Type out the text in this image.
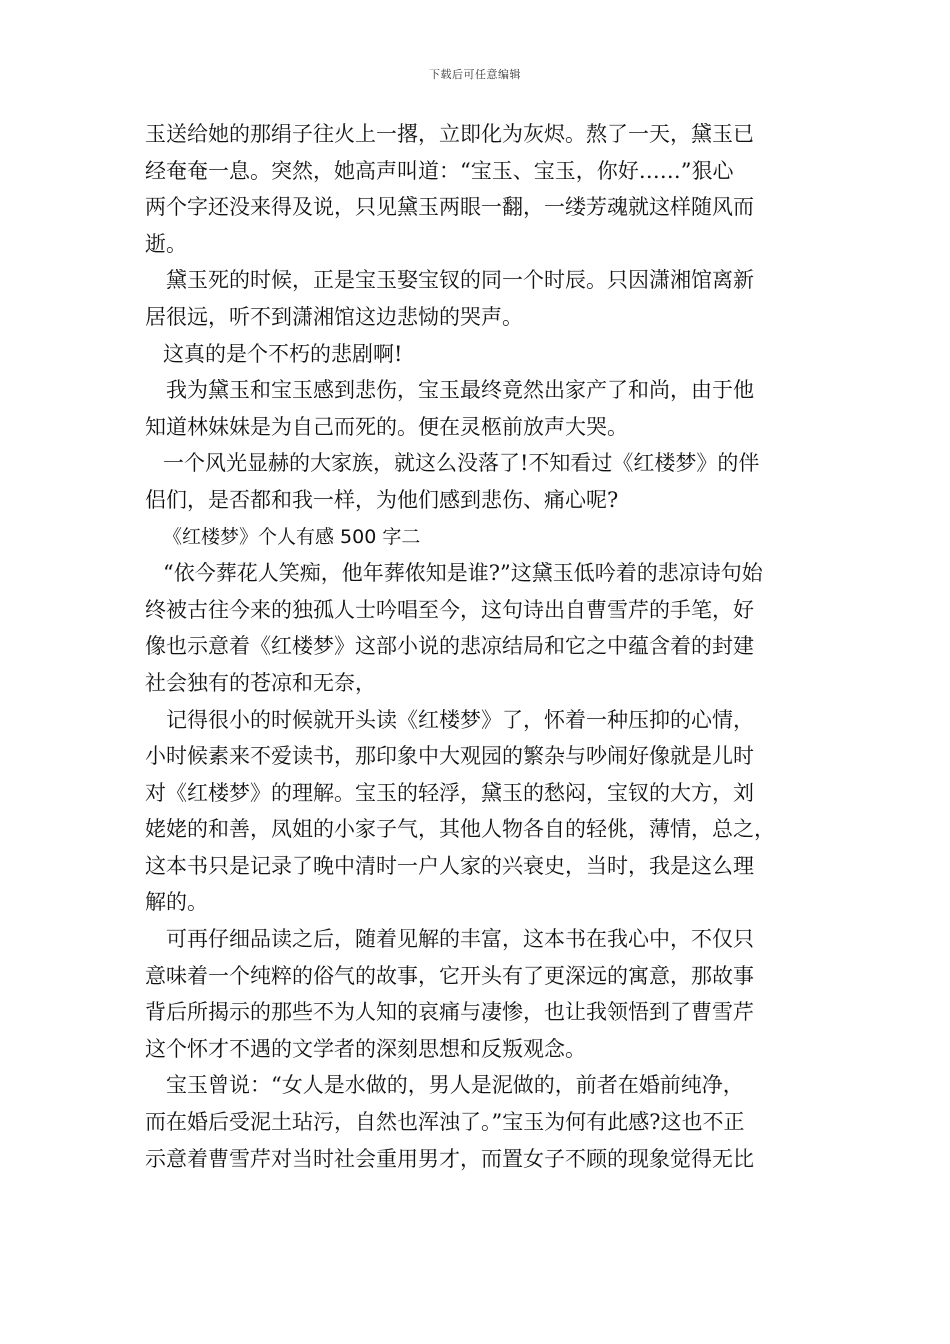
下载后可任意编辑
玉送给她的那绢子往火上一撂，立即化为灰烬。熬了一天，黛玉已
经奄奄一息。突然，她高声叫道：“宝玉、宝玉，你好……”狠心
两个字还没来得及说，只见黛玉两眼一翻，一缕芳魂就这样随风而
逝。
黛玉死的时候，正是宝玉娶宝钗的同一个时辰。只因潇湘馆离新
居很远，听不到潇湘馆这边悲恸的哭声。
这真的是个不朽的悲剧啊!
我为黛玉和宝玉感到悲伤，宝玉最终竟然出家产了和尚，由于他
知道林妹妹是为自己而死的。便在灵柩前放声大哭。
一个风光显赫的大家族，就这么没落了!不知看过《红楼梦》的伴
侣们，是否都和我一样，为他们感到悲伤、痛心呢?
《红楼梦》个人有感 500 字二
“依今葬花人笑痴，他年葬侬知是谁?”这黛玉低吟着的悲凉诗句始
终被古往今来的独孤人士吟唱至今，这句诗出自曹雪芹的手笔，好
像也示意着《红楼梦》这部小说的悲凉结局和它之中蕴含着的封建
社会独有的苍凉和无奈，
记得很小的时候就开头读《红楼梦》了，怀着一种压抑的心情，
小时候素来不爱读书，那印象中大观园的繁杂与吵闹好像就是儿时
对《红楼梦》的理解。宝玉的轻浮，黛玉的愁闷，宝钗的大方，刘
姥姥的和善，凤姐的小家子气，其他人物各自的轻佻，薄情，总之，
这本书只是记录了晚中清时一户人家的兴衰史，当时，我是这么理
解的。
可再仔细品读之后，随着见解的丰富，这本书在我心中，不仅只
意味着一个纯粹的俗气的故事，它开头有了更深远的寓意，那故事
背后所揭示的那些不为人知的哀痛与凄惨，也让我领悟到了曹雪芹
这个怀才不遇的文学者的深刻思想和反叛观念。
宝玉曾说：“女人是水做的，男人是泥做的，前者在婚前纯净，
而在婚后受泥土玷污，自然也浑浊了。”宝玉为何有此感?这也不正
示意着曹雪芹对当时社会重用男才，而置女子不顾的现象觉得无比
